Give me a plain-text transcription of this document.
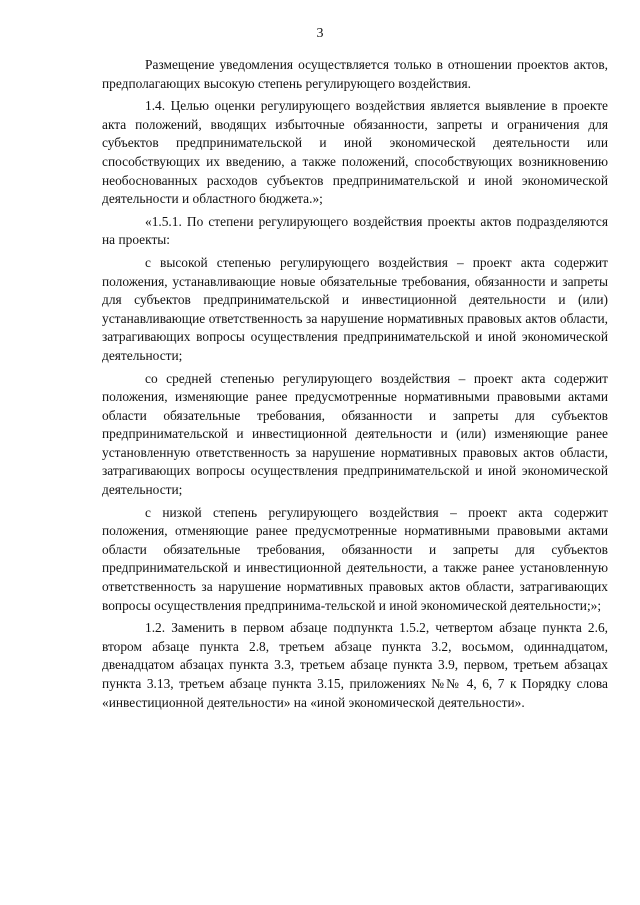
3

Размещение уведомления осуществляется только в отношении проектов актов, предполагающих высокую степень регулирующего воздействия.

1.4. Целью оценки регулирующего воздействия является выявление в проекте акта положений, вводящих избыточные обязанности, запреты и ограничения для субъектов предпринимательской и иной экономической деятельности или способствующих их введению, а также положений, способствующих возникновению необоснованных расходов субъектов предпринимательской и иной экономической деятельности и областного бюджета.»;

«1.5.1. По степени регулирующего воздействия проекты актов подразделяются на проекты:

с высокой степенью регулирующего воздействия – проект акта содержит положения, устанавливающие новые обязательные требования, обязанности и запреты для субъектов предпринимательской и инвестиционной деятельности и (или) устанавливающие ответственность за нарушение нормативных правовых актов области, затрагивающих вопросы осуществления предпринимательской и иной экономической деятельности;

со средней степенью регулирующего воздействия – проект акта содержит положения, изменяющие ранее предусмотренные нормативными правовыми актами области обязательные требования, обязанности и запреты для субъектов предпринимательской и инвестиционной деятельности и (или) изменяющие ранее установленную ответственность за нарушение нормативных правовых актов области, затрагивающих вопросы осуществления предпринимательской и иной экономической деятельности;

с низкой степень регулирующего воздействия – проект акта содержит положения, отменяющие ранее предусмотренные нормативными правовыми актами области обязательные требования, обязанности и запреты для субъектов предпринимательской и инвестиционной деятельности, а также ранее установленную ответственность за нарушение нормативных правовых актов области, затрагивающих вопросы осуществления предпринима-тельской и иной экономической деятельности;»;

1.2. Заменить в первом абзаце подпункта 1.5.2, четвертом абзаце пункта 2.6, втором абзаце пункта 2.8, третьем абзаце пункта 3.2, восьмом, одиннадцатом, двенадцатом абзацах пункта 3.3, третьем абзаце пункта 3.9, первом, третьем абзацах пункта 3.13, третьем абзаце пункта 3.15, приложениях №№ 4, 6, 7 к Порядку слова «инвестиционной деятельности» на «иной экономической деятельности».
